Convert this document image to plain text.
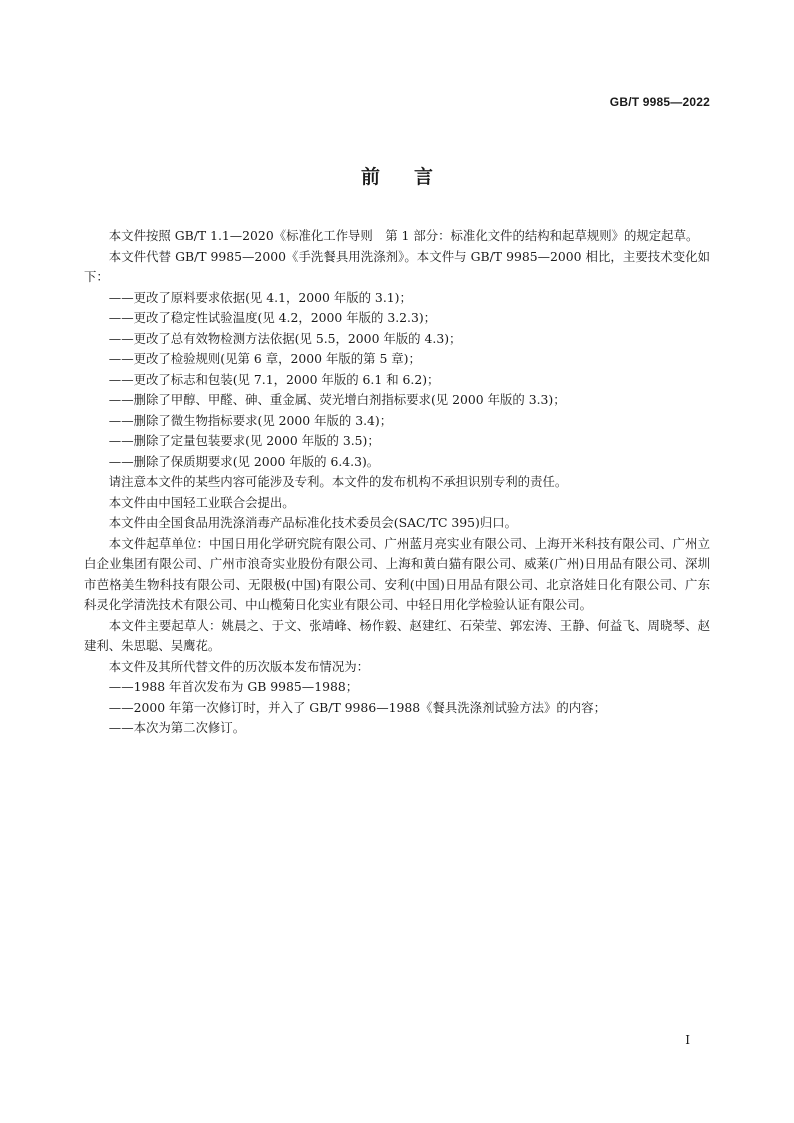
GB/T 9985—2022
前 言

本文件按照 GB/T 1.1—2020《标准化工作导则　第 1 部分：标准化文件的结构和起草规则》的规定起草。

本文件代替 GB/T 9985—2000《手洗餐具用洗涤剂》。本文件与 GB/T 9985—2000 相比，主要技术变化如下：

——更改了原料要求依据(见 4.1，2000 年版的 3.1)；

——更改了稳定性试验温度(见 4.2，2000 年版的 3.2.3)；

——更改了总有效物检测方法依据(见 5.5，2000 年版的 4.3)；

——更改了检验规则(见第 6 章，2000 年版的第 5 章)；

——更改了标志和包装(见 7.1，2000 年版的 6.1 和 6.2)；

——删除了甲醇、甲醛、砷、重金属、荧光增白剂指标要求(见 2000 年版的 3.3)；

——删除了微生物指标要求(见 2000 年版的 3.4)；

——删除了定量包装要求(见 2000 年版的 3.5)；

——删除了保质期要求(见 2000 年版的 6.4.3)。

请注意本文件的某些内容可能涉及专利。本文件的发布机构不承担识别专利的责任。

本文件由中国轻工业联合会提出。

本文件由全国食品用洗涤消毒产品标准化技术委员会(SAC/TC 395)归口。

本文件起草单位：中国日用化学研究院有限公司、广州蓝月亮实业有限公司、上海开米科技有限公司、广州立白企业集团有限公司、广州市浪奇实业股份有限公司、上海和黄白猫有限公司、威莱(广州)日用品有限公司、深圳市芭格美生物科技有限公司、无限极(中国)有限公司、安利(中国)日用品有限公司、北京洛娃日化有限公司、广东科灵化学清洗技术有限公司、中山榄菊日化实业有限公司、中轻日用化学检验认证有限公司。

本文件主要起草人：姚晨之、于文、张靖峰、杨作毅、赵建红、石荣莹、郭宏涛、王静、何益飞、周晓琴、赵建利、朱思聪、吴鹰花。

本文件及其所代替文件的历次版本发布情况为：

——1988 年首次发布为 GB 9985—1988；

——2000 年第一次修订时，并入了 GB/T 9986—1988《餐具洗涤剂试验方法》的内容；

——本次为第二次修订。

I
